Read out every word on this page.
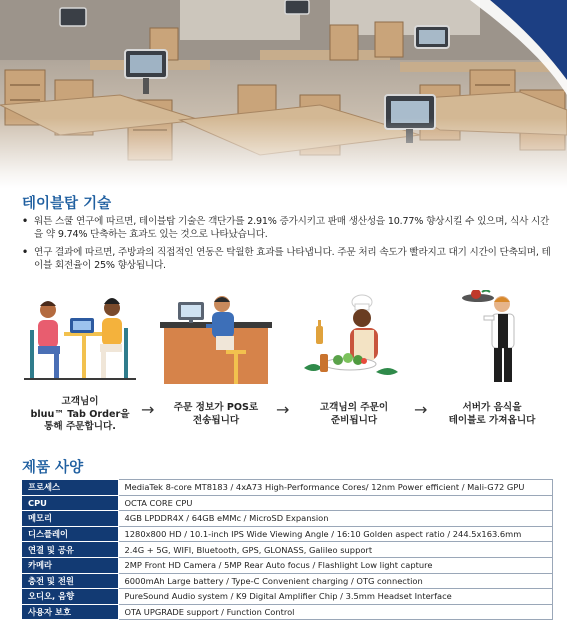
테이블탑 기술
• 워튼 스쿨 연구에 따르면, 테이블탑 기술은 객단가를 2.91% 증가시키고 판매 생산성을 10.77% 향상시킬 수 있으며, 식사 시간을 약 9.74% 단축하는 효과도 있는 것으로 나타났습니다.
• 연구 결과에 따르면, 주방과의 직접적인 연동은 탁월한 효과를 나타냅니다. 주문 처리 속도가 빨라지고 대기 시간이 단축되며, 테이블 회전율이 25% 향상됩니다.
고객님이
bluu™ Tab Order을
통해 주문합니다.
→	주문 정보가 POS로
전송됩니다
→	고객님의 주문이
준비됩니다
→	서버가 음식을
테이블로 가져옵니다
제품 사양
프로세스	MediaTek 8-core MT8183 / 4xA73 High-Performance Cores/ 12nm Power efficient / Mali-G72 GPU
CPU	OCTA CORE CPU
메모리	4GB LPDDR4X / 64GB eMMc / MicroSD Expansion
디스플레이	1280x800 HD / 10.1-inch IPS Wide Viewing Angle / 16:10 Golden aspect ratio / 244.5x163.6mm
연결 및 공유	2.4G + 5G, WIFI, Bluetooth, GPS, GLONASS, Galileo support
카메라	2MP Front HD Camera / 5MP Rear Auto focus / Flashlight Low light capture
충전 및 전원	6000mAh Large battery / Type-C Convenient charging / OTG connection
오디오, 음향	PureSound Audio system / K9 Digital Amplifier Chip / 3.5mm Headset Interface
사용자 보호	OTA UPGRADE support / Function Control
